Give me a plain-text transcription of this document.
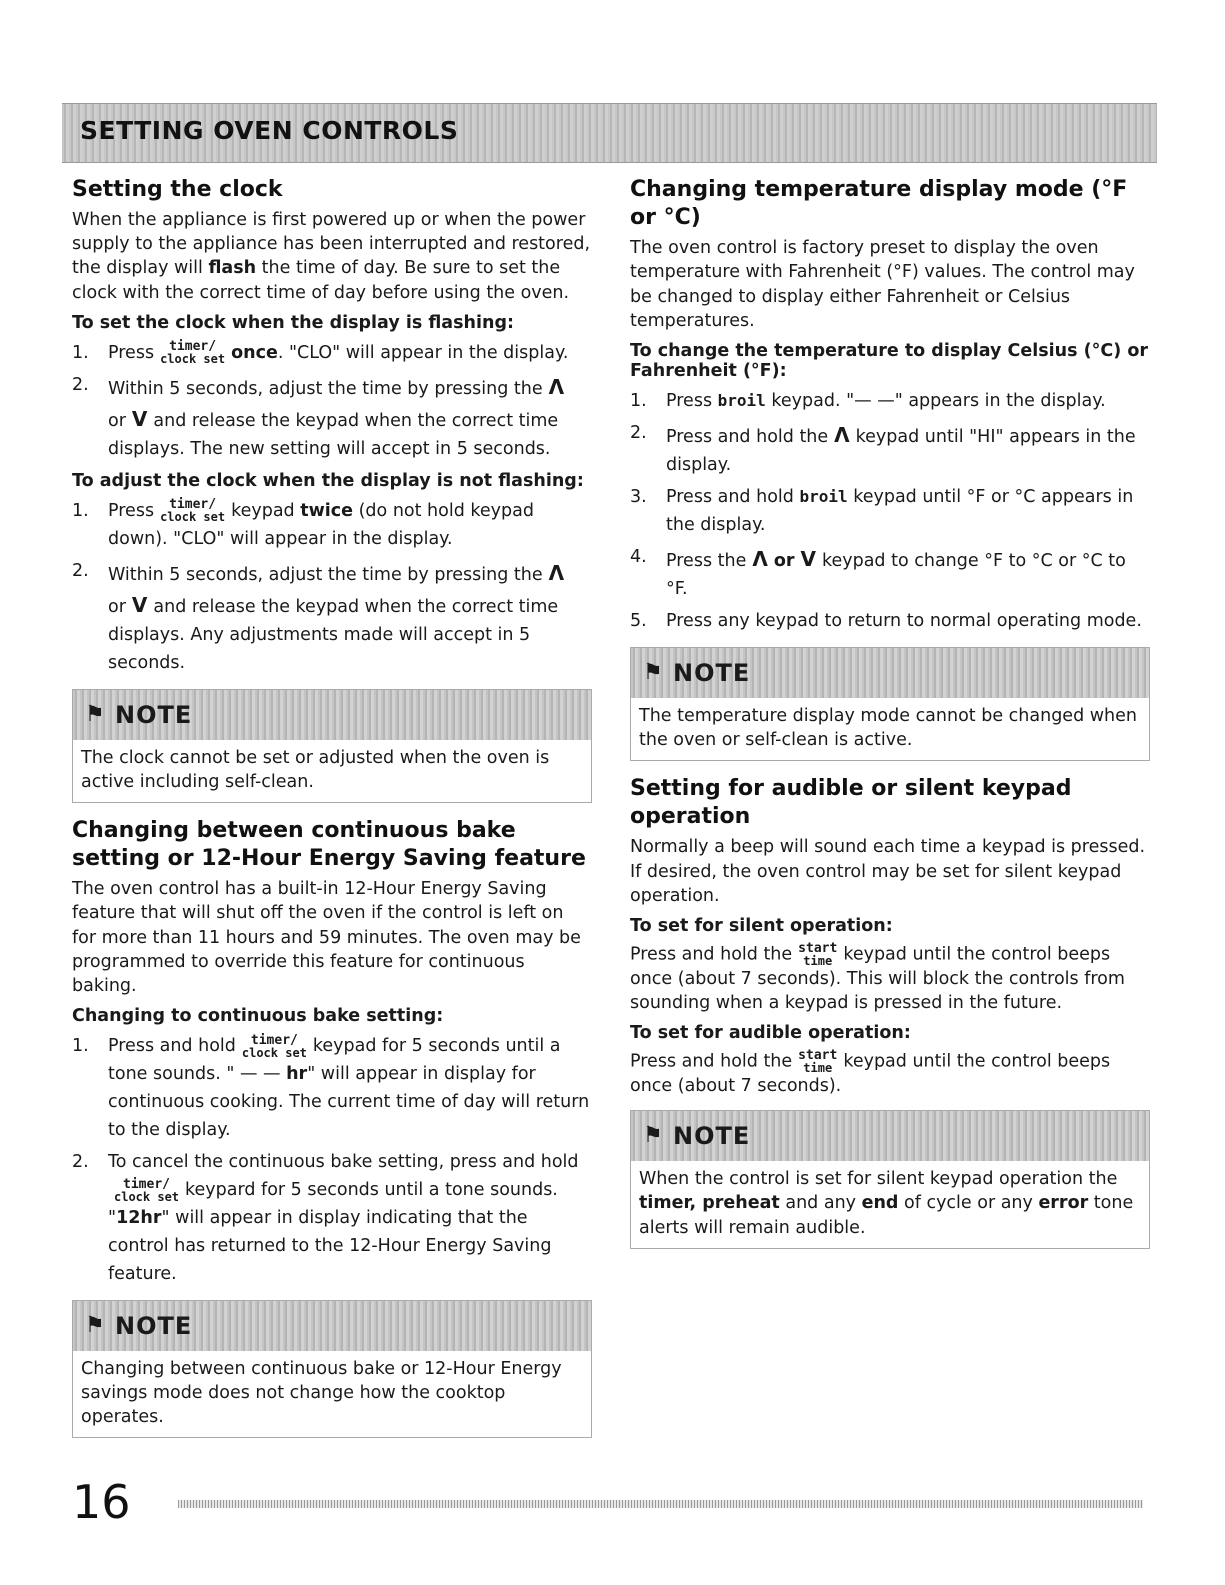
SETTING OVEN CONTROLS
Setting the clock

When the appliance is first powered up or when the power supply to the appliance has been interrupted and restored, the display will flash the time of day. Be sure to set the clock with the correct time of day before using the oven.

To set the clock when the display is flashing:
1.	Press timer/
clock set once. "CLO" will appear in the display.
2.	Within 5 seconds, adjust the time by pressing the Λ
or V and release the keypad when the correct time displays. The new setting will accept in 5 seconds.
To adjust the clock when the display is not flashing:
1.	Press timer/
clock set keypad twice (do not hold keypad down). "CLO" will appear in the display.
2.	Within 5 seconds, adjust the time by pressing the Λ
or V and release the keypad when the correct time displays. Any adjustments made will accept in 5 seconds.
⚑ NOTE
The clock cannot be set or adjusted when the oven is active including self-clean.
Changing between continuous bake setting or 12-Hour Energy Saving feature

The oven control has a built-in 12-Hour Energy Saving feature that will shut off the oven if the control is left on for more than 11 hours and 59 minutes. The oven may be programmed to override this feature for continuous baking.

Changing to continuous bake setting:
1.	Press and hold timer/
clock set keypad for 5 seconds until a tone sounds. " — — hr" will appear in display for continuous cooking. The current time of day will return to the display.
2.	To cancel the continuous bake setting, press and hold

timer/
clock set keypard for 5 seconds until a tone sounds.
"12hr" will appear in display indicating that the control has returned to the 12-Hour Energy Saving feature.
⚑ NOTE
Changing between continuous bake or 12-Hour Energy savings mode does not change how the cooktop operates.
Changing temperature display mode (°F or °C)

The oven control is factory preset to display the oven temperature with Fahrenheit (°F) values. The control may be changed to display either Fahrenheit or Celsius temperatures.

To change the temperature to display Celsius (°C) or Fahrenheit (°F):
1.	Press broil keypad. "— —" appears in the display.
2.	Press and hold the Λ keypad until "HI" appears in the display.
3.	Press and hold broil keypad until °F or °C appears in the display.
4.	Press the Λ or V keypad to change °F to °C or °C to °F.
5.	Press any keypad to return to normal operating mode.
⚑ NOTE
The temperature display mode cannot be changed when the oven or self-clean is active.
Setting for audible or silent keypad operation

Normally a beep will sound each time a keypad is pressed. If desired, the oven control may be set for silent keypad operation.

To set for silent operation:

Press and hold the start
time keypad until the control beeps once (about 7 seconds). This will block the controls from sounding when a keypad is pressed in the future.

To set for audible operation:

Press and hold the start
time keypad until the control beeps once (about 7 seconds).

⚑ NOTE
When the control is set for silent keypad operation the timer, preheat and any end of cycle or any error tone alerts will remain audible.
16
